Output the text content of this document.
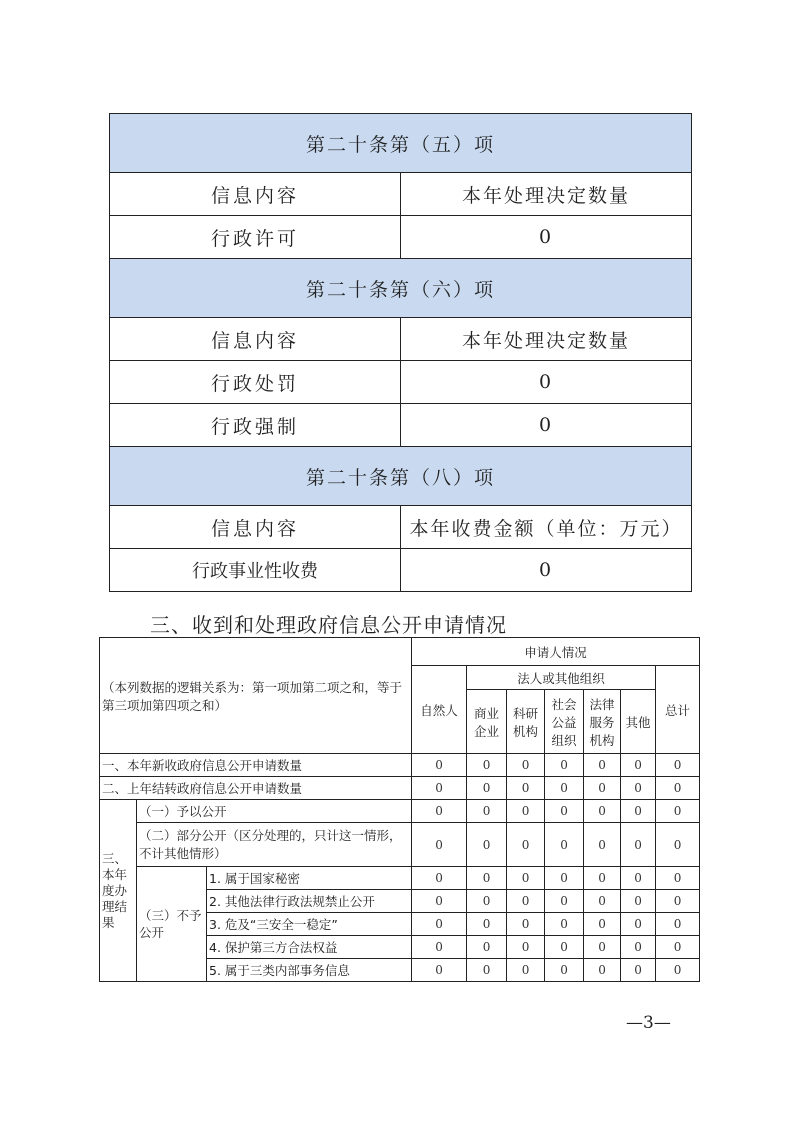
第二十条第（五）项	
信息内容	本年处理决定数量
行政许可	0
第二十条第（六）项	
信息内容	本年处理决定数量
行政处罚	0
行政强制	0
第二十条第（八）项	
信息内容	本年收费金额（单位：万元）
行政事业性收费	0
三、收到和处理政府信息公开申请情况
（本列数据的逻辑关系为：第一项加第二项之和，等于第三项加第四项之和）			申请人情况						
			自然人	法人或其他组织					总计
				商业企业	科研机构	社会公益组织	法律服务机构	其他	
一、本年新收政府信息公开申请数量			0	0	0	0	0	0	0
二、上年结转政府信息公开申请数量			0	0	0	0	0	0	0
三、本年度办理结果	（一）予以公开		0	0	0	0	0	0	0
	（二）部分公开（区分处理的，只计这一情形，不计其他情形）		0	0	0	0	0	0	0
	（三）不予公开	1. 属于国家秘密	0	0	0	0	0	0	0
		2. 其他法律行政法规禁止公开	0	0	0	0	0	0	0
		3. 危及“三安全一稳定”	0	0	0	0	0	0	0
		4. 保护第三方合法权益	0	0	0	0	0	0	0
		5. 属于三类内部事务信息	0	0	0	0	0	0	0
—3—
